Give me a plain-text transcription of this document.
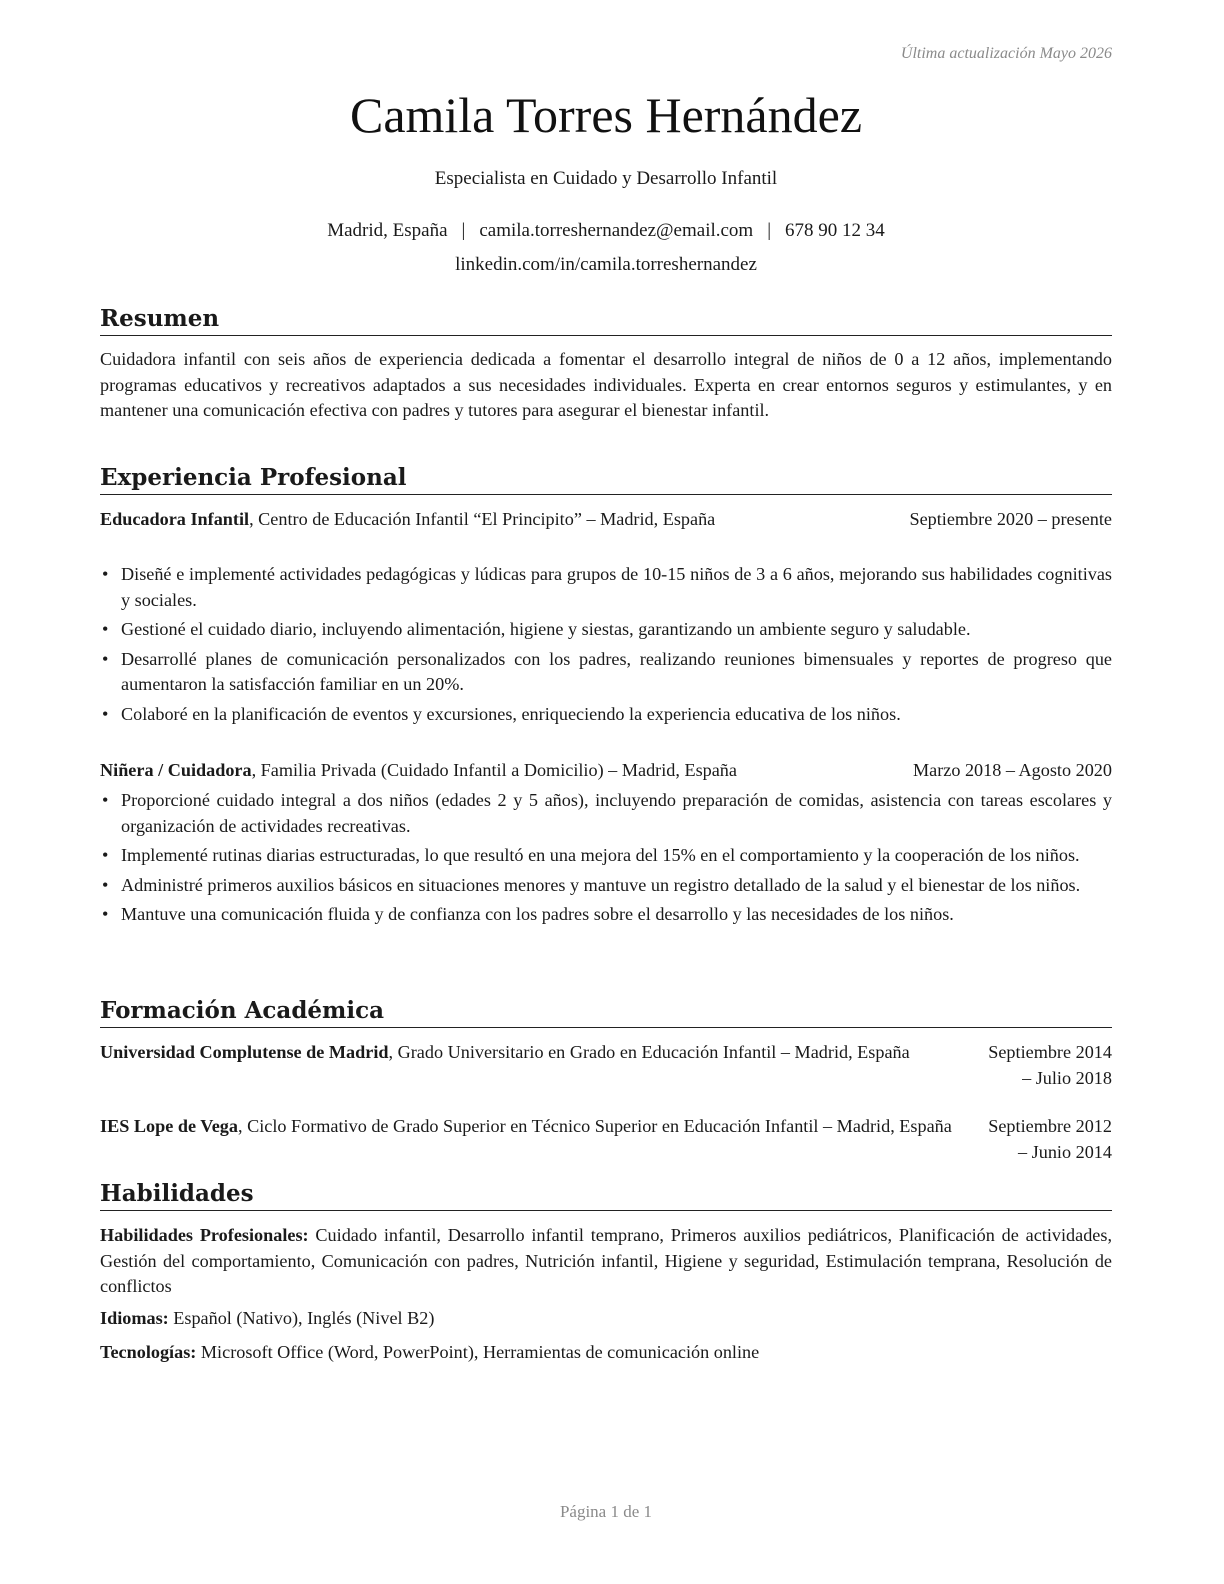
Última actualización Mayo 2026
Camila Torres Hernández
Especialista en Cuidado y Desarrollo Infantil
Madrid, España | camila.torreshernandez@email.com | 678 90 12 34
linkedin.com/in/camila.torreshernandez
Resumen
Cuidadora infantil con seis años de experiencia dedicada a fomentar el desarrollo integral de niños de 0 a 12 años, implementando programas educativos y recreativos adaptados a sus necesidades individuales. Experta en crear entornos seguros y estimulantes, y en mantener una comunicación efectiva con padres y tutores para asegurar el bienestar infantil.
Experiencia Profesional
Educadora Infantil, Centro de Educación Infantil “El Principito” – Madrid, España	Septiembre 2020 – presente
• Diseñé e implementé actividades pedagógicas y lúdicas para grupos de 10-15 niños de 3 a 6 años, mejorando sus habilidades cognitivas y sociales.
• Gestioné el cuidado diario, incluyendo alimentación, higiene y siestas, garantizando un ambiente seguro y saludable.
• Desarrollé planes de comunicación personalizados con los padres, realizando reuniones bimensuales y reportes de progreso que aumentaron la satisfacción familiar en un 20%.
• Colaboré en la planificación de eventos y excursiones, enriqueciendo la experiencia educativa de los niños.
Niñera / Cuidadora, Familia Privada (Cuidado Infantil a Domicilio) – Madrid, España	Marzo 2018 – Agosto 2020
• Proporcioné cuidado integral a dos niños (edades 2 y 5 años), incluyendo preparación de comidas, asistencia con tareas escolares y organización de actividades recreativas.
• Implementé rutinas diarias estructuradas, lo que resultó en una mejora del 15% en el comportamiento y la cooperación de los niños.
• Administré primeros auxilios básicos en situaciones menores y mantuve un registro detallado de la salud y el bienestar de los niños.
• Mantuve una comunicación fluida y de confianza con los padres sobre el desarrollo y las necesidades de los niños.
Formación Académica
Universidad Complutense de Madrid, Grado Universitario en Grado en Educación Infantil – Madrid, España	Septiembre 2014 – Julio 2018
IES Lope de Vega, Ciclo Formativo de Grado Superior en Técnico Superior en Educación Infantil – Madrid, España	Septiembre 2012 – Junio 2014
Habilidades
Habilidades Profesionales: Cuidado infantil, Desarrollo infantil temprano, Primeros auxilios pediátricos, Planificación de actividades, Gestión del comportamiento, Comunicación con padres, Nutrición infantil, Higiene y seguridad, Estimulación temprana, Resolución de conflictos
Idiomas: Español (Nativo), Inglés (Nivel B2)
Tecnologías: Microsoft Office (Word, PowerPoint), Herramientas de comunicación online
Página 1 de 1
